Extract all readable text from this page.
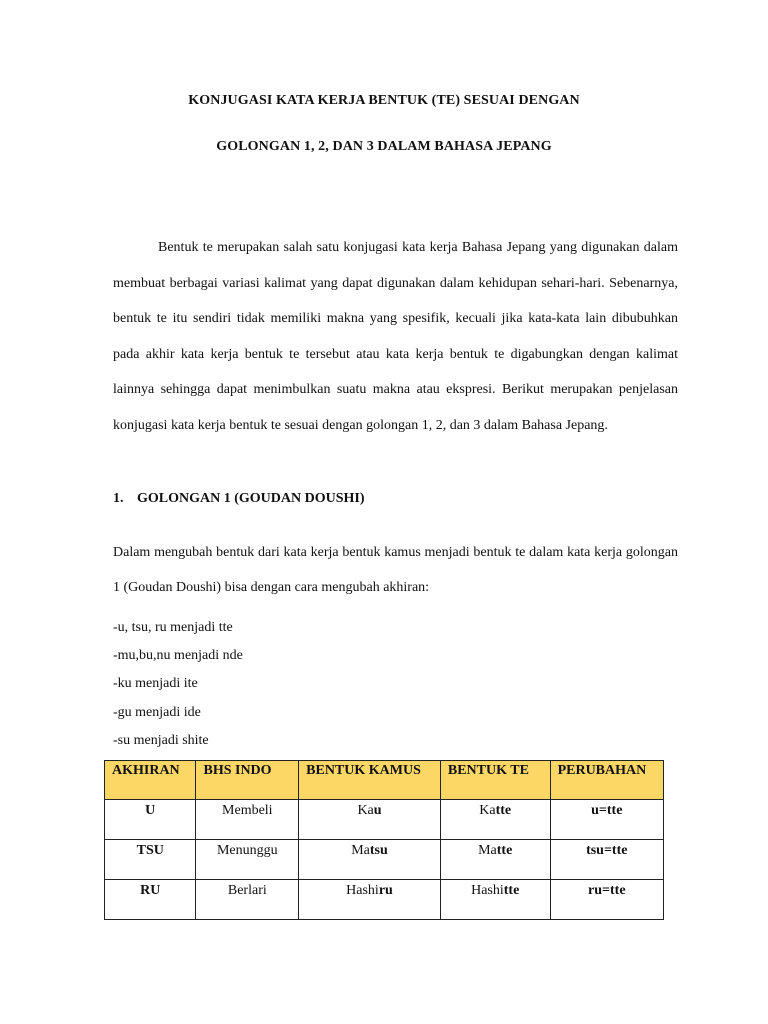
KONJUGASI KATA KERJA BENTUK (TE) SESUAI DENGAN
GOLONGAN 1, 2, DAN 3 DALAM BAHASA JEPANG

Bentuk te merupakan salah satu konjugasi kata kerja Bahasa Jepang yang digunakan dalam membuat berbagai variasi kalimat yang dapat digunakan dalam kehidupan sehari-hari. Sebenarnya, bentuk te itu sendiri tidak memiliki makna yang spesifik, kecuali jika kata-kata lain dibubuhkan pada akhir kata kerja bentuk te tersebut atau kata kerja bentuk te digabungkan dengan kalimat lainnya sehingga dapat menimbulkan suatu makna atau ekspresi. Berikut merupakan penjelasan konjugasi kata kerja bentuk te sesuai dengan golongan 1, 2, dan 3 dalam Bahasa Jepang.

1. GOLONGAN 1 (GOUDAN DOUSHI)

Dalam mengubah bentuk dari kata kerja bentuk kamus menjadi bentuk te dalam kata kerja golongan 1 (Goudan Doushi) bisa dengan cara mengubah akhiran:

-u, tsu, ru menjadi tte
-mu,bu,nu menjadi nde
-ku menjadi ite
-gu menjadi ide
-su menjadi shite
AKHIRAN	BHS INDO	BENTUK KAMUS	BENTUK TE	PERUBAHAN
U	Membeli	Kau	Katte	u=tte
TSU	Menunggu	Matsu	Matte	tsu=tte
RU	Berlari	Hashiru	Hashitte	ru=tte
